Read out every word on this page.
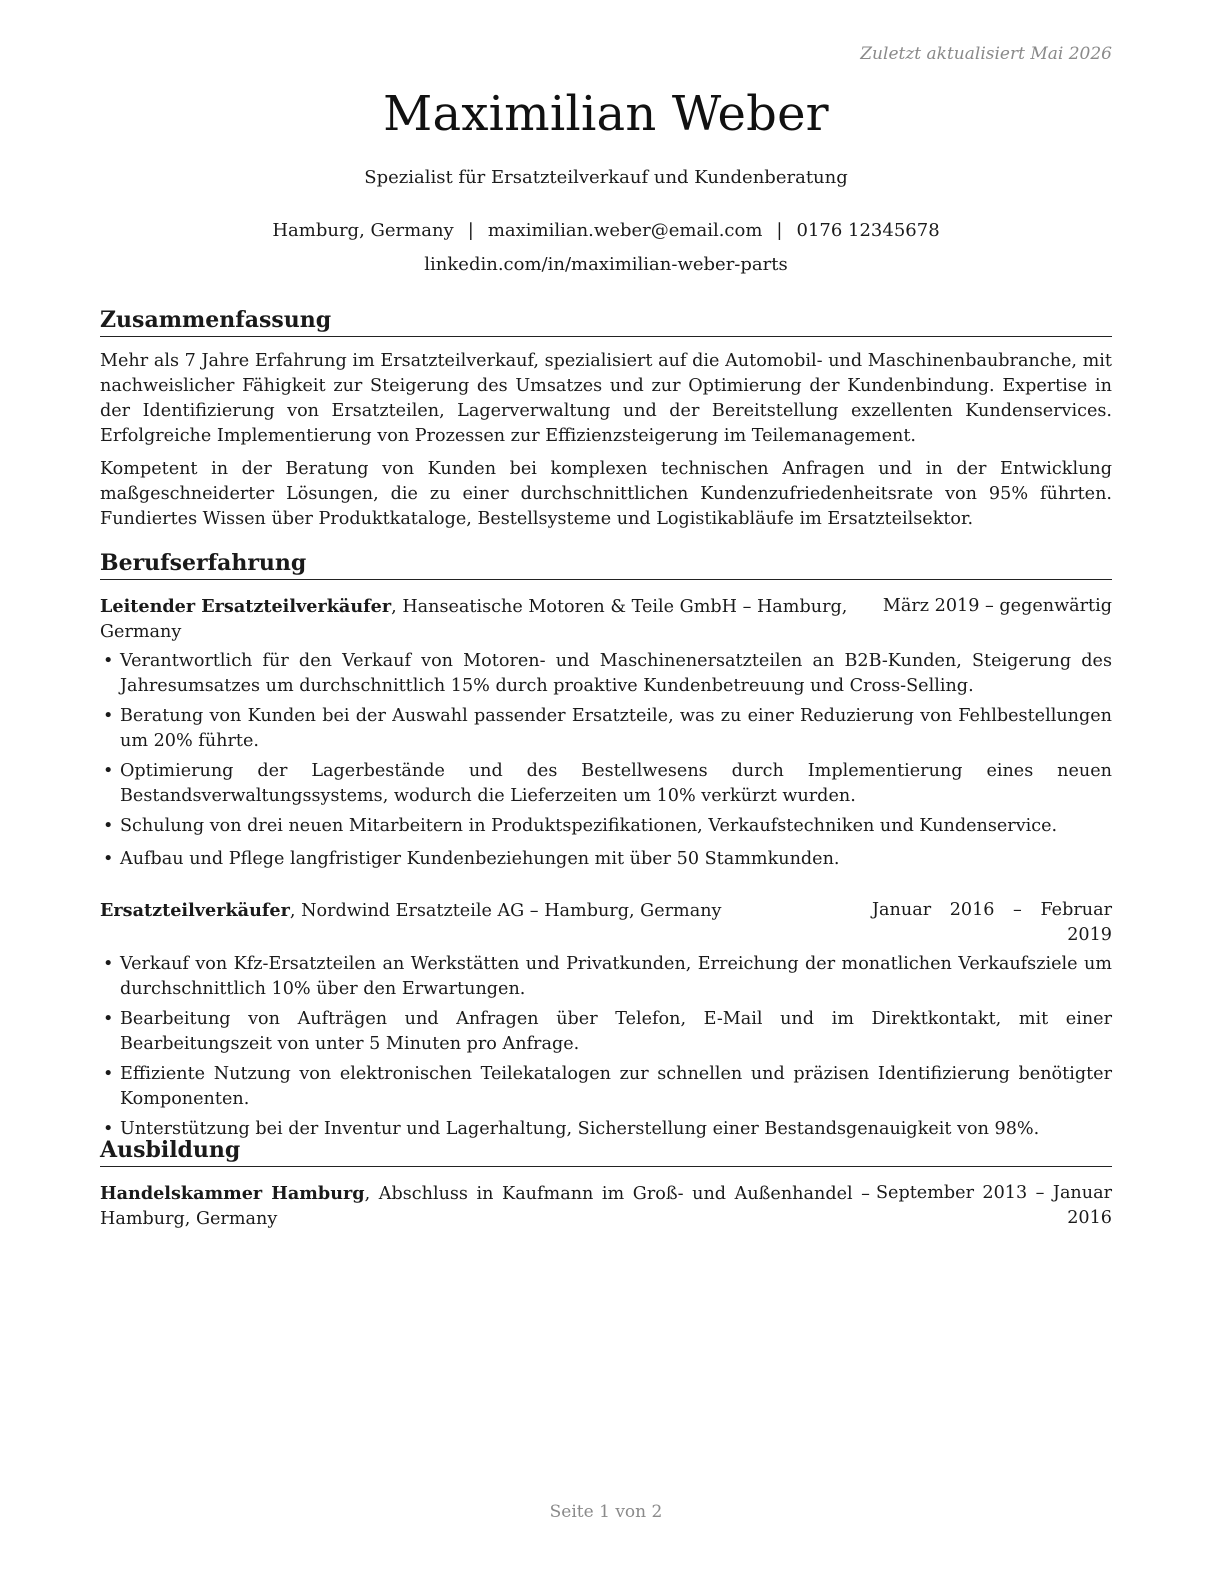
Zuletzt aktualisiert Mai 2026
Maximilian Weber
Spezialist für Ersatzteilverkauf und Kundenberatung
Hamburg, Germany | maximilian.weber@email.com | 0176 12345678
linkedin.com/in/maximilian-weber-parts
Zusammenfassung

Mehr als 7 Jahre Erfahrung im Ersatzteilverkauf, spezialisiert auf die Automobil- und Maschinenbaubranche, mit nachweislicher Fähigkeit zur Steigerung des Umsatzes und zur Optimierung der Kundenbindung. Expertise in der Identifizierung von Ersatzteilen, Lagerverwaltung und der Bereitstellung exzellenten Kundenservices. Erfolgreiche Implementierung von Prozessen zur Effizienzsteigerung im Teilemanagement.

Kompetent in der Beratung von Kunden bei komplexen technischen Anfragen und in der Entwicklung maßgeschneiderter Lösungen, die zu einer durchschnittlichen Kundenzufriedenheitsrate von 95% führten. Fundiertes Wissen über Produktkataloge, Bestellsysteme und Logistikabläufe im Ersatzteilsektor.

Berufserfahrung
Leitender Ersatzteilverkäufer, Hanseatische Motoren & Teile GmbH – Hamburg, Germany
März 2019 – gegenwärtig
• Verantwortlich für den Verkauf von Motoren- und Maschinenersatzteilen an B2B-Kunden, Steigerung des Jahresumsatzes um durchschnittlich 15% durch proaktive Kundenbetreuung und Cross-Selling.
• Beratung von Kunden bei der Auswahl passender Ersatzteile, was zu einer Reduzierung von Fehlbestellungen um 20% führte.
• Optimierung der Lagerbestände und des Bestellwesens durch Implementierung eines neuen Bestandsverwaltungssystems, wodurch die Lieferzeiten um 10% verkürzt wurden.
• Schulung von drei neuen Mitarbeitern in Produktspezifikationen, Verkaufstechniken und Kundenservice.
• Aufbau und Pflege langfristiger Kundenbeziehungen mit über 50 Stammkunden.
Ersatzteilverkäufer, Nordwind Ersatzteile AG – Hamburg, Germany	Januar 2016 – Februar 2019
• Verkauf von Kfz-Ersatzteilen an Werkstätten und Privatkunden, Erreichung der monatlichen Verkaufsziele um durchschnittlich 10% über den Erwartungen.
• Bearbeitung von Aufträgen und Anfragen über Telefon, E-Mail und im Direktkontakt, mit einer Bearbeitungszeit von unter 5 Minuten pro Anfrage.
• Effiziente Nutzung von elektronischen Teilekatalogen zur schnellen und präzisen Identifizierung benötigter Komponenten.
• Unterstützung bei der Inventur und Lagerhaltung, Sicherstellung einer Bestandsgenauigkeit von 98%.
Ausbildung
Handelskammer Hamburg, Abschluss in Kaufmann im Groß- und Außenhandel – Hamburg, Germany
September 2013 – Januar 2016
Seite 1 von 2
